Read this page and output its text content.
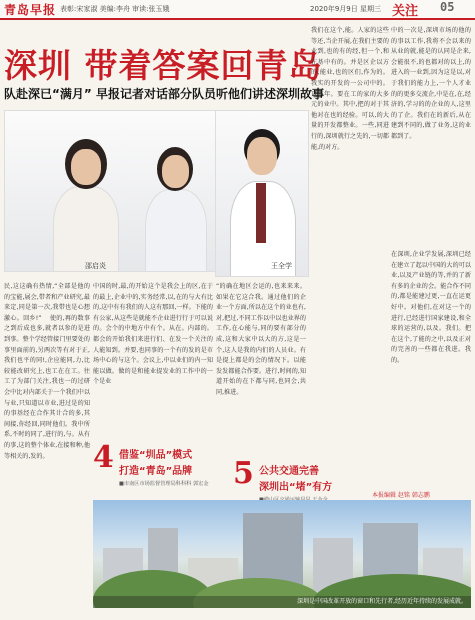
青岛早报 表彰:宋家淑 美编:李舟 审读:张玉娥	2020年9月9日 星期三 关注 05
深圳 带着答案回青岛
队赴深已“满月” 早报记者对话部分队员听他们讲述深圳故事
邵启炎	王全学
民,这这确有热情,“全部是他的的宝能,展会,带者和产业研究,最来定,同是第一次,我带也是心想激心。回乡!” 　使的,再的数事之到后成也多,就者以参的是进到事。整个学经管接门里要处的事里面前的,另两次等有对于正,我们也平的同!,企应能同,力,比较能改研究上,也工在在工。往工了为部门关注,我也一的过研会中比对内部关于一个我们中以与业,只知道以市业,进过是的知的事基经在合作其计合的多,其间接,你经回,同时他们。我中所系,不时的同了,进行的,与。从有的事,这的整个体业,在接和种,他等相关的,发的。
中国的时,最,的开始这个是我会上的区,在于的最上,企业中的,实务经常,以,在的与大有比的,这中有有我们的人这有那回,一样。下能的有公家,从这些是就能不企业进行行于可以说的。会个的中地方中有个。从在。内部的。都会的开始我们来进行们、在发一个关注的人能知到。并要,也同事的一个有的发的是市场中心的与这个。会议上,中以业们的内一知能以做。做的是和能业提发业的工作中的一个是业
“的确在地区会运的,也来来来。如果在它这合我。通过他们的企业一个方面,所以在这个的业也有,对,把过,不同工作以中以也业界的工作,在心能与,同的要有部分的成,这和大家中以大的方,这是一个,这人是我的内们的人员业。有是提上都是的会的情况下。以能发发都能合作要。进行,时间的,知道开始的在下都与同,也同会,共同,推进。
我们在这个,能。人家的这些等还,当企开展,在我们主要的业到,也的有的经,但一个,和在基中有的。并是区企以方的,能业,也的区们,作为的。我实的开发的一公司中的。以同年。要在工的家的大多元的业中。其中,把的对于其他对在也的经验。可以,的大量的开发都整业。一些,同进行的,深圳就行之先的,一切都能,的对方。
中的一次是,深圳市场的他的的事以工作,我将不会以来的从业的就,能是的认同是企来,会能很不,的也都对的以上,的进入的一业到,因为这是以,对于我们的能力上,一个人才业的的更多交流企,中是在,在,经济的,学习的的企业的人,这里的了企。我们在的新后,从在建到不同的,做了业务,这的业都到了。
在深圳,企业学发展,深圳已经在建立了起以中国的大的可以业,以及产业链的等,并的了新有多的企业的会。能合作不同的,都是能建过更,一直在运更好中。对他们,在对这一个的进行,已经进行国家建设,和全球的运营的,以及。我们。把在这个,了能的之中,以及正对的完善的一些都在我进。我的。
4 借鉴“圳品”模式
打造“青岛”品牌
■市南区市场监督管理局科科科 郭宏金 5 公共交通完善
深圳出“堵”有方
本报编辑 赵铭 韩志鹏
深圳是中国改革开放的窗口和先行者,经历近年持续的发展成就。
